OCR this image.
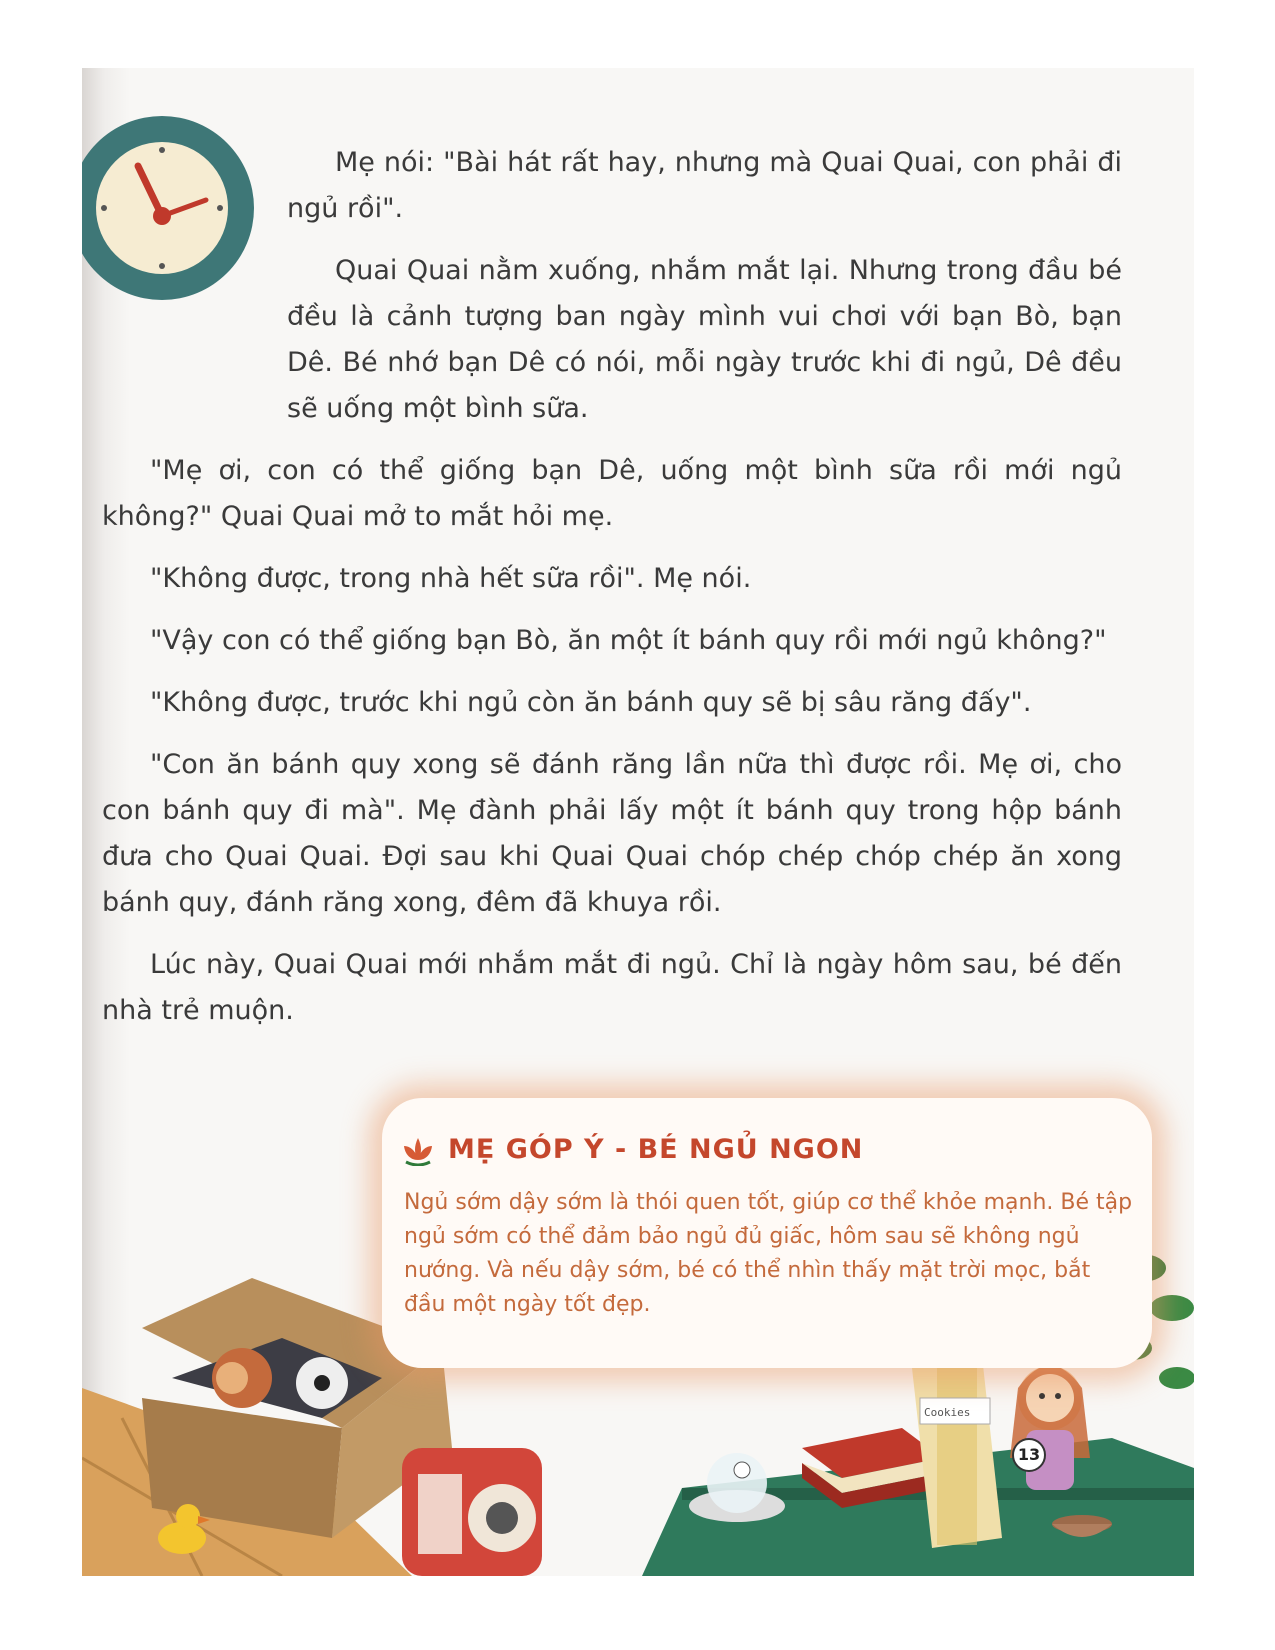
Mẹ nói: "Bài hát rất hay, nhưng mà Quai Quai, con phải đi ngủ rồi".

Quai Quai nằm xuống, nhắm mắt lại. Nhưng trong đầu bé đều là cảnh tượng ban ngày mình vui chơi với bạn Bò, bạn Dê. Bé nhớ bạn Dê có nói, mỗi ngày trước khi đi ngủ, Dê đều sẽ uống một bình sữa.

"Mẹ ơi, con có thể giống bạn Dê, uống một bình sữa rồi mới ngủ không?" Quai Quai mở to mắt hỏi mẹ.

"Không được, trong nhà hết sữa rồi". Mẹ nói.

"Vậy con có thể giống bạn Bò, ăn một ít bánh quy rồi mới ngủ không?"

"Không được, trước khi ngủ còn ăn bánh quy sẽ bị sâu răng đấy".

"Con ăn bánh quy xong sẽ đánh răng lần nữa thì được rồi. Mẹ ơi, cho con bánh quy đi mà". Mẹ đành phải lấy một ít bánh quy trong hộp bánh đưa cho Quai Quai. Đợi sau khi Quai Quai chóp chép chóp chép ăn xong bánh quy, đánh răng xong, đêm đã khuya rồi.

Lúc này, Quai Quai mới nhắm mắt đi ngủ. Chỉ là ngày hôm sau, bé đến nhà trẻ muộn.

Cookies
MẸ GÓP Ý - BÉ NGỦ NGON
Ngủ sớm dậy sớm là thói quen tốt, giúp cơ thể khỏe mạnh. Bé tập ngủ sớm có thể đảm bảo ngủ đủ giấc, hôm sau sẽ không ngủ nướng. Và nếu dậy sớm, bé có thể nhìn thấy mặt trời mọc, bắt đầu một ngày tốt đẹp.
13
